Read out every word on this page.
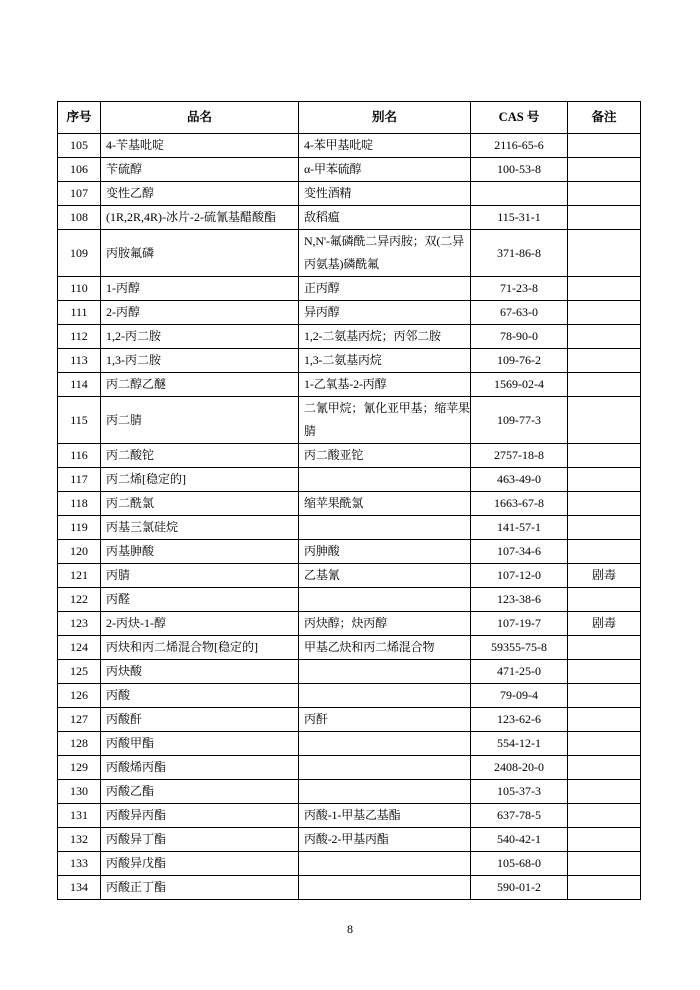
序号	品名	别名	CAS 号	备注
105	4-苄基吡啶	4-苯甲基吡啶	2116-65-6	
106	苄硫醇	α-甲苯硫醇	100-53-8	
107	变性乙醇	变性酒精		
108	(1R,2R,4R)-冰片-2-硫氰基醋酸酯	敌稻瘟	115-31-1	
109	丙胺氟磷	N,N'-氟磷酰二异丙胺；双(二异丙氨基)磷酰氟	371-86-8	
110	1-丙醇	正丙醇	71-23-8	
111	2-丙醇	异丙醇	67-63-0	
112	1,2-丙二胺	1,2-二氨基丙烷；丙邻二胺	78-90-0	
113	1,3-丙二胺	1,3-二氨基丙烷	109-76-2	
114	丙二醇乙醚	1-乙氧基-2-丙醇	1569-02-4	
115	丙二腈	二氰甲烷；氰化亚甲基；缩苹果腈	109-77-3	
116	丙二酸铊	丙二酸亚铊	2757-18-8	
117	丙二烯[稳定的]		463-49-0	
118	丙二酰氯	缩苹果酰氯	1663-67-8	
119	丙基三氯硅烷		141-57-1	
120	丙基胂酸	丙胂酸	107-34-6	
121	丙腈	乙基氰	107-12-0	剧毒
122	丙醛		123-38-6	
123	2-丙炔-1-醇	丙炔醇；炔丙醇	107-19-7	剧毒
124	丙炔和丙二烯混合物[稳定的]	甲基乙炔和丙二烯混合物	59355-75-8	
125	丙炔酸		471-25-0	
126	丙酸		79-09-4	
127	丙酸酐	丙酐	123-62-6	
128	丙酸甲酯		554-12-1	
129	丙酸烯丙酯		2408-20-0	
130	丙酸乙酯		105-37-3	
131	丙酸异丙酯	丙酸-1-甲基乙基酯	637-78-5	
132	丙酸异丁酯	丙酸-2-甲基丙酯	540-42-1	
133	丙酸异戊酯		105-68-0	
134	丙酸正丁酯		590-01-2	
8
